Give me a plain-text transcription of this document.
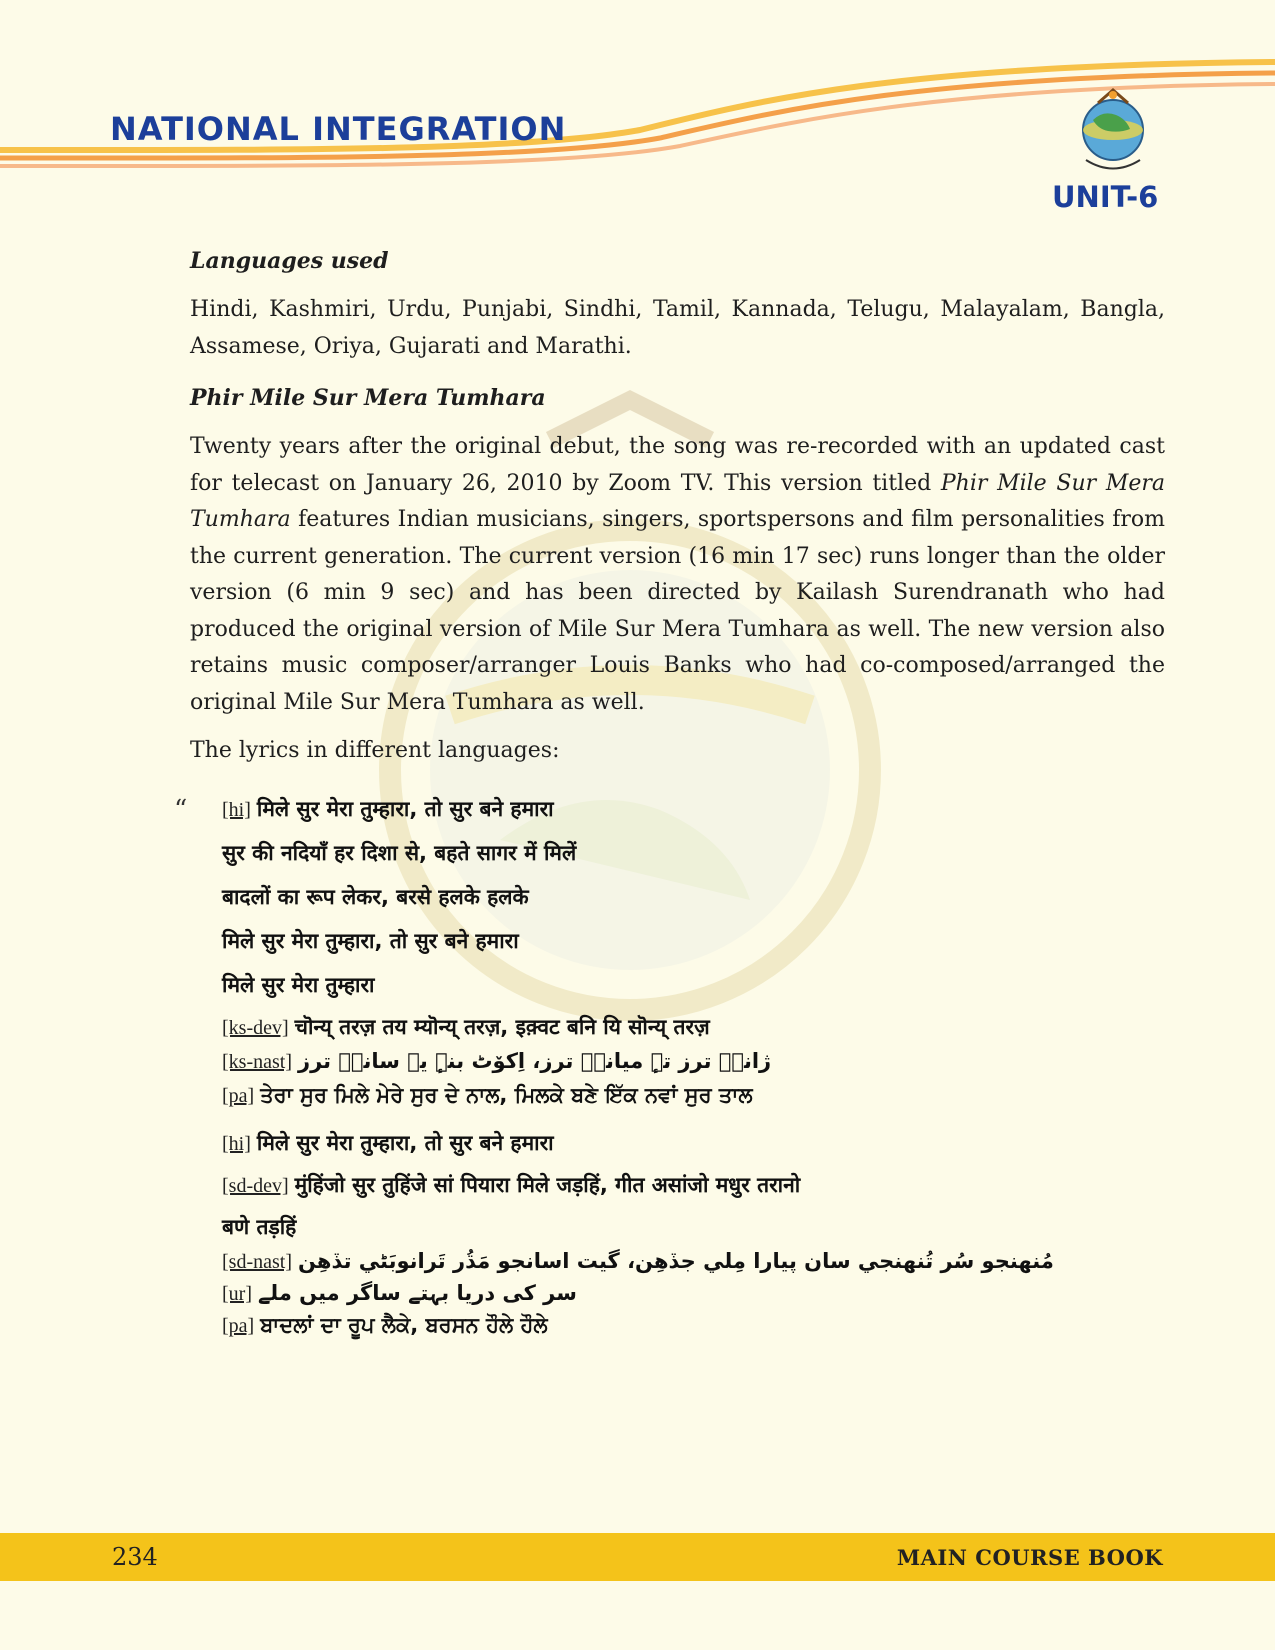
NATIONAL INTEGRATION
UNIT-6
Languages used

Hindi, Kashmiri, Urdu, Punjabi, Sindhi, Tamil, Kannada, Telugu, Malayalam, Bangla, Assamese, Oriya, Gujarati and Marathi.

Phir Mile Sur Mera Tumhara

Twenty years after the original debut, the song was re-recorded with an updated cast for telecast on January 26, 2010 by Zoom TV. This version titled Phir Mile Sur Mera Tumhara features Indian musicians, singers, sportspersons and film personalities from the current generation. The current version (16 min 17 sec) runs longer than the older version (6 min 9 sec) and has been directed by Kailash Surendranath who had produced the original version of Mile Sur Mera Tumhara as well. The new version also retains music composer/arranger Louis Banks who had co-composed/arranged the original Mile Sur Mera Tumhara as well.

The lyrics in different languages:

“	[hi] मिले सुर मेरा तुम्हारा, तो सुर बने हमारा
सुर की नदियाँ हर दिशा से, बहते सागर में मिलें
बादलों का रूप लेकर, बरसे हलके हलके
मिले सुर मेरा तुम्हारा, तो सुर बने हमारा
मिले सुर मेरा तुम्हारा
[ks-dev] चॊन्य् तरज़ तय म्यॊन्य् तरज़, इक़्वट बनि यि सॊन्य् तरज़
[ks-nast] ژانٛہ ترز تہٕ میانٛہ ترز، اِکوٚٹ بنہٕ یہ سانٛہ ترز
[pa] ਤੇਰਾ ਸੁਰ ਮਿਲੇ ਮੇਰੇ ਸੁਰ ਦੇ ਨਾਲ, ਮਿਲਕੇ ਬਣੇ ਇੱਕ ਨਵਾਂ ਸੁਰ ਤਾਲ
[hi] मिले सुर मेरा तुम्हारा, तो सुर बने हमारा
[sd-dev] मुंहिंजो सुर तुहिंजे सां पियारा मिले जड़हिं, गीत असांजो मधुर तरानो
बणे तड़हिं
[sd-nast] مُنهنجو سُر تُنهنجي سان پيارا مِلي جڏهِن، گيت اسانجو مَڌُر تَرانوبَڻي تڏهِن
[ur] سر کی دریا بہتے ساگر میں ملے
[pa] ਬਾਦਲਾਂ ਦਾ ਰੂਪ ਲੈਕੇ, ਬਰਸਨ ਹੌਲੇ ਹੌਲੇ
234	MAIN COURSE BOOK
